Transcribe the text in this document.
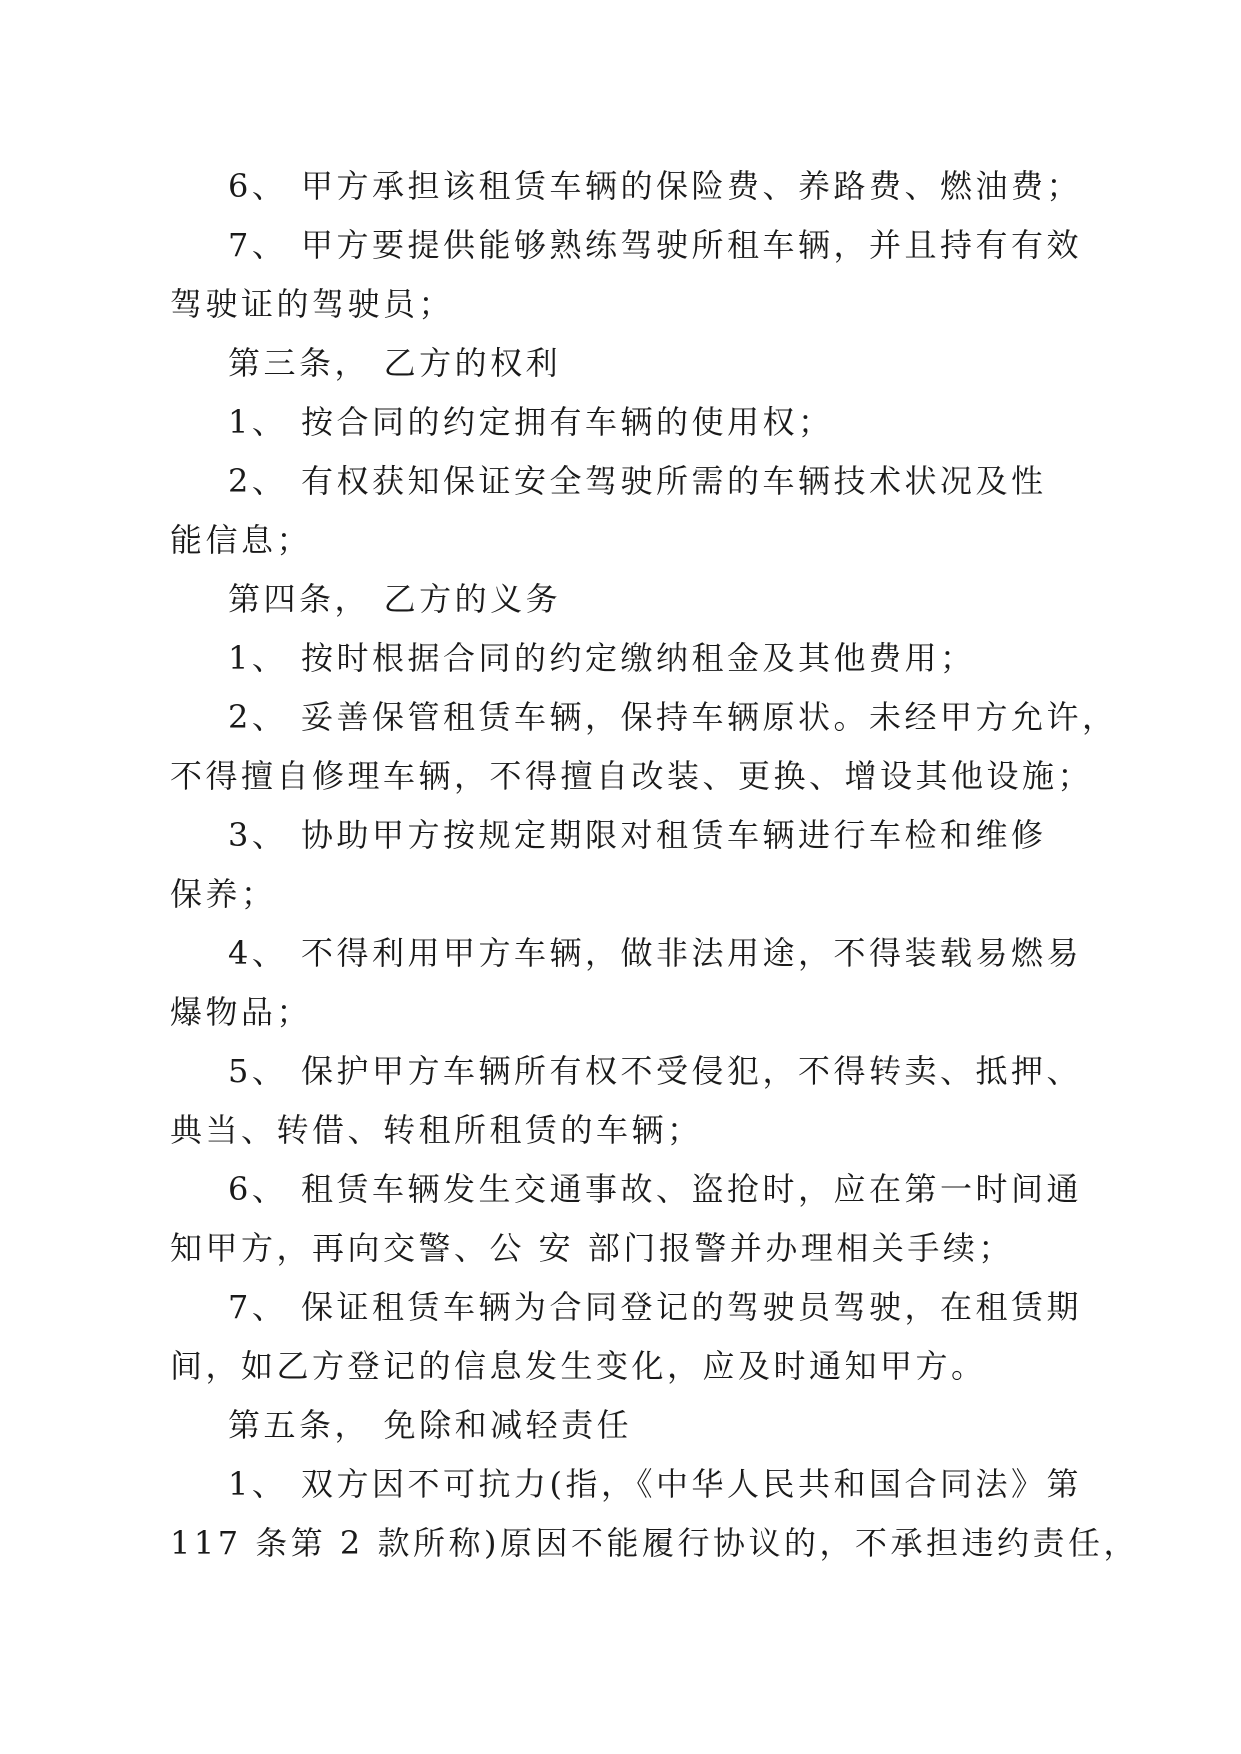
6、 甲方承担该租赁车辆的保险费、养路费、燃油费；
7、 甲方要提供能够熟练驾驶所租车辆，并且持有有效
驾驶证的驾驶员；
第三条， 乙方的权利
1、 按合同的约定拥有车辆的使用权；
2、 有权获知保证安全驾驶所需的车辆技术状况及性
能信息；
第四条， 乙方的义务
1、 按时根据合同的约定缴纳租金及其他费用；
2、 妥善保管租赁车辆，保持车辆原状。未经甲方允许，
不得擅自修理车辆，不得擅自改装、更换、增设其他设施；
3、 协助甲方按规定期限对租赁车辆进行车检和维修
保养；
4、 不得利用甲方车辆，做非法用途，不得装载易燃易
爆物品；
5、 保护甲方车辆所有权不受侵犯，不得转卖、抵押、
典当、转借、转租所租赁的车辆；
6、 租赁车辆发生交通事故、盗抢时，应在第一时间通
知甲方，再向交警、公 安 部门报警并办理相关手续；
7、 保证租赁车辆为合同登记的驾驶员驾驶，在租赁期
间，如乙方登记的信息发生变化，应及时通知甲方。
第五条， 免除和减轻责任
1、 双方因不可抗力(指，《中华人民共和国合同法》第
117 条第 2 款所称)原因不能履行协议的，不承担违约责任，
